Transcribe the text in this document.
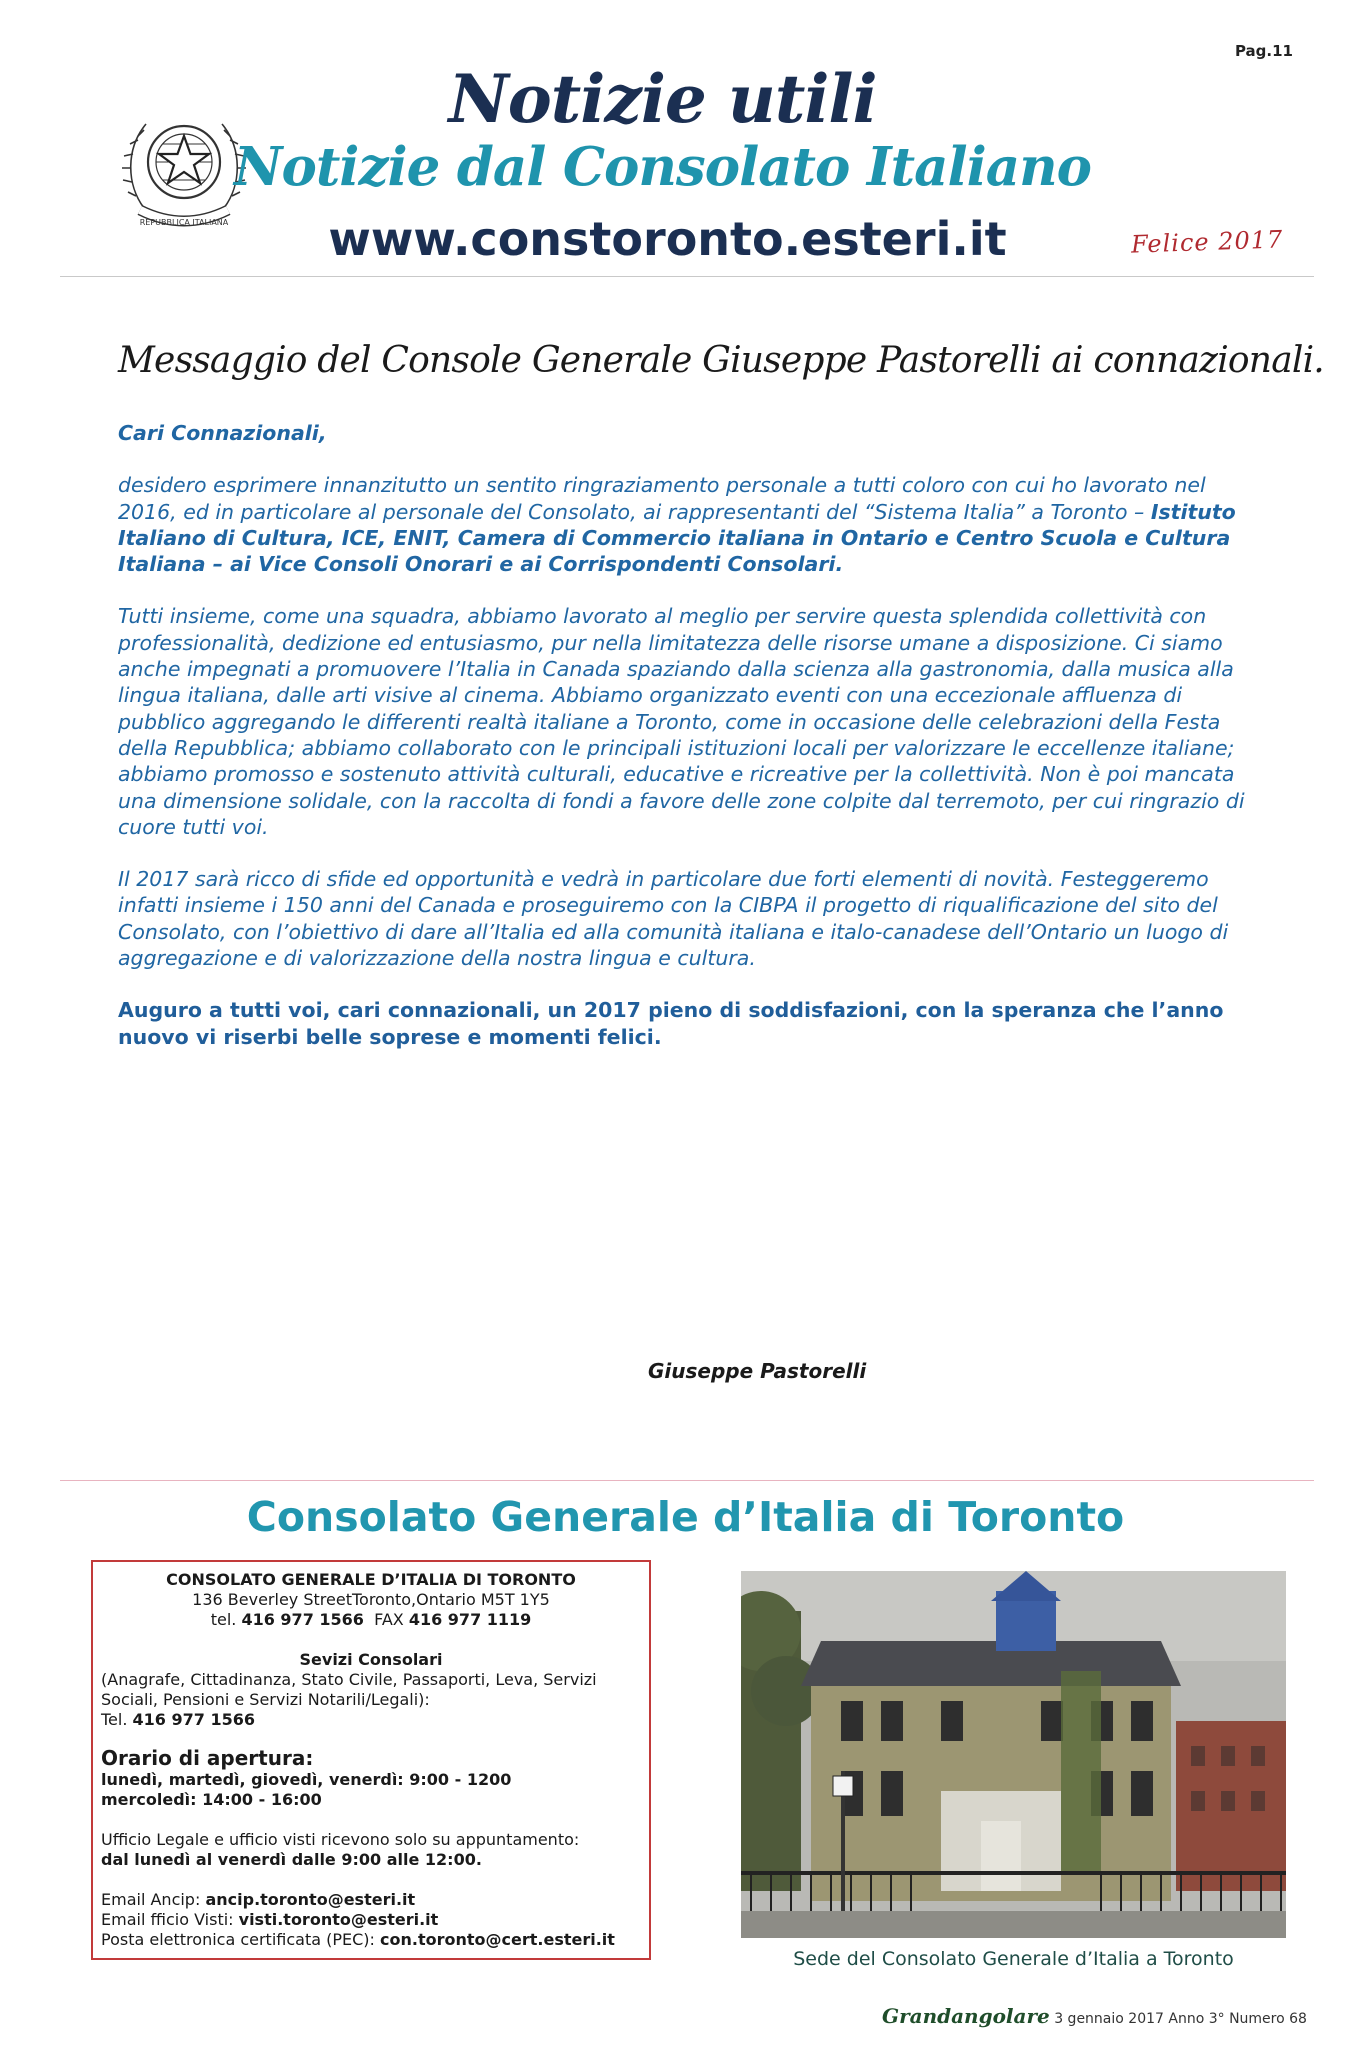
Pag.11
REPUBBLICA ITALIANA
Notizie utili
Notizie dal Consolato Italiano
www.constoronto.esteri.it	Felice 2017
Messaggio del Console Generale Giuseppe Pastorelli ai connazionali.

Cari Connazionali,

desidero esprimere innanzitutto un sentito ringraziamento personale a tutti coloro con cui ho lavorato nel 2016, ed in particolare al personale del Consolato, ai rappresentanti del “Sistema Italia” a Toronto – Istituto Italiano di Cultura, ICE, ENIT, Camera di Commercio italiana in Ontario e Centro Scuola e Cultura Italiana – ai Vice Consoli Onorari e ai Corrispondenti Consolari.

Tutti insieme, come una squadra, abbiamo lavorato al meglio per servire questa splendida collettività con professionalità, dedizione ed entusiasmo, pur nella limitatezza delle risorse umane a disposizione. Ci siamo anche impegnati a promuovere l’Italia in Canada spaziando dalla scienza alla gastronomia, dalla musica alla lingua italiana, dalle arti visive al cinema. Abbiamo organizzato eventi con una eccezionale affluenza di pubblico aggregando le differenti realtà italiane a Toronto, come in occasione delle celebrazioni della Festa della Repubblica; abbiamo collaborato con le principali istituzioni locali per valorizzare le eccellenze italiane; abbiamo promosso e sostenuto attività culturali, educative e ricreative per la collettività. Non è poi mancata una dimensione solidale, con la raccolta di fondi a favore delle zone colpite dal terremoto, per cui ringrazio di cuore tutti voi.

Il 2017 sarà ricco di sfide ed opportunità e vedrà in particolare due forti elementi di novità. Festeggeremo infatti insieme i 150 anni del Canada e proseguiremo con la CIBPA il progetto di riqualificazione del sito del Consolato, con l’obiettivo di dare all’Italia ed alla comunità italiana e italo-canadese dell’Ontario un luogo di aggregazione e di valorizzazione della nostra lingua e cultura.

Auguro a tutti voi, cari connazionali, un 2017 pieno di soddisfazioni, con la speranza che l’anno nuovo vi riserbi belle soprese e momenti felici.

Giuseppe Pastorelli
Consolato Generale d’Italia di Toronto
CONSOLATO GENERALE D’ITALIA DI TORONTO
136 Beverley StreetToronto,Ontario M5T 1Y5
tel. 416 977 1566 FAX 416 977 1119
Sevizi Consolari
(Anagrafe, Cittadinanza, Stato Civile, Passaporti, Leva, Servizi Sociali, Pensioni e Servizi Notarili/Legali):
Tel. 416 977 1566
Orario di apertura:
lunedì, martedì, giovedì, venerdì: 9:00 - 1200
mercoledì: 14:00 - 16:00
Ufficio Legale e ufficio visti ricevono solo su appuntamento:
dal lunedì al venerdì dalle 9:00 alle 12:00.
Email Ancip: ancip.toronto@esteri.it
Email fficio Visti: visti.toronto@esteri.it
Posta elettronica certificata (PEC): con.toronto@cert.esteri.it
Sede del Consolato Generale d’Italia a Toronto
Grandangolare 3 gennaio 2017 Anno 3° Numero 68
